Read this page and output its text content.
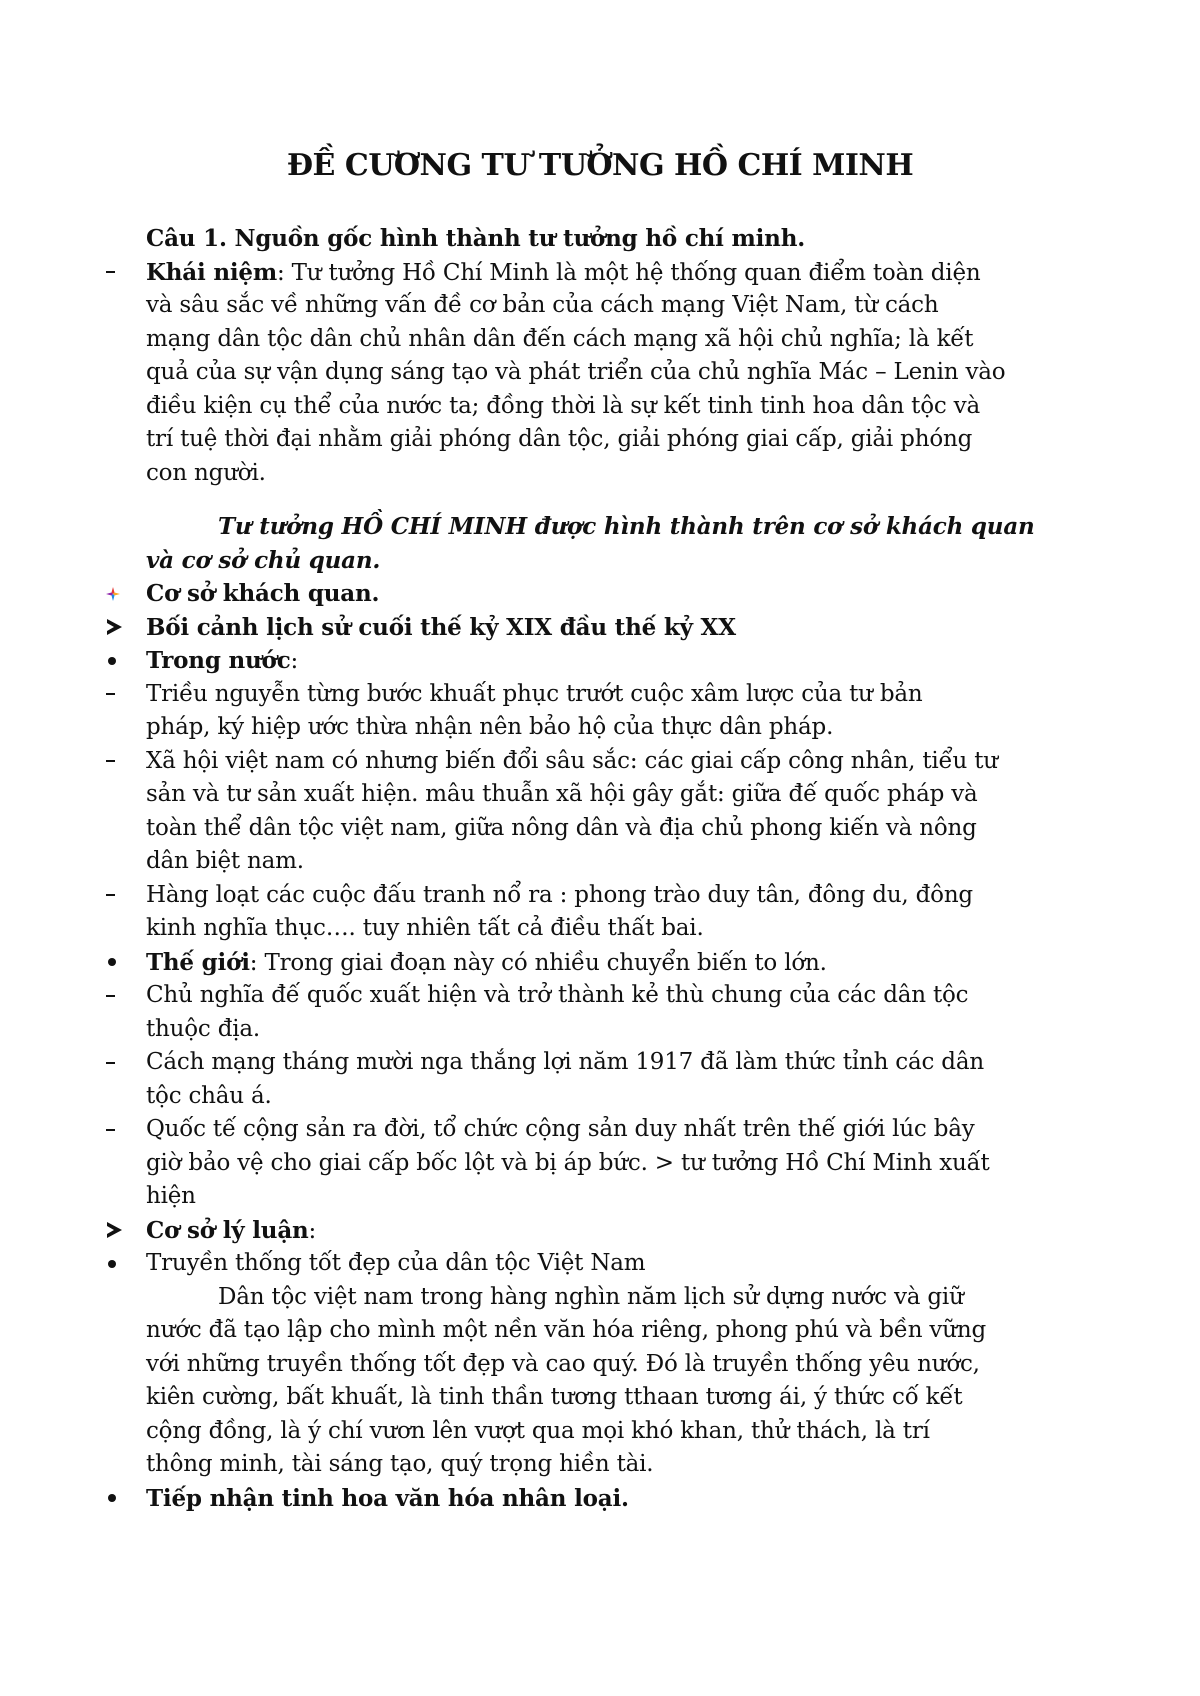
ĐỀ CƯƠNG TƯ TƯỞNG HỒ CHÍ MINH
Câu 1. Nguồn gốc hình thành tư tưởng hồ chí minh.
Khái niệm: Tư tưởng Hồ Chí Minh là một hệ thống quan điểm toàn diện
và sâu sắc về những vấn đề cơ bản của cách mạng Việt Nam, từ cách
mạng dân tộc dân chủ nhân dân đến cách mạng xã hội chủ nghĩa; là kết
quả của sự vận dụng sáng tạo và phát triển của chủ nghĩa Mác – Lenin vào
điều kiện cụ thể của nước ta; đồng thời là sự kết tinh tinh hoa dân tộc và
trí tuệ thời đại nhằm giải phóng dân tộc, giải phóng giai cấp, giải phóng
con người.
Tư tưởng HỒ CHÍ MINH được hình thành trên cơ sở khách quan
và cơ sở chủ quan.
Cơ sở khách quan.
Bối cảnh lịch sử cuối thế kỷ XIX đầu thế kỷ XX
Trong nước:
Triều nguyễn từng bước khuất phục trướt cuộc xâm lược của tư bản
pháp, ký hiệp ước thừa nhận nên bảo hộ của thực dân pháp.
Xã hội việt nam có nhưng biến đổi sâu sắc: các giai cấp công nhân, tiểu tư
sản và tư sản xuất hiện. mâu thuẫn xã hội gây gắt: giữa đế quốc pháp và
toàn thể dân tộc việt nam, giữa nông dân và địa chủ phong kiến và nông
dân biệt nam.
Hàng loạt các cuộc đấu tranh nổ ra : phong trào duy tân, đông du, đông
kinh nghĩa thục…. tuy nhiên tất cả điều thất bai.
Thế giới: Trong giai đoạn này có nhiều chuyển biến to lớn.
Chủ nghĩa đế quốc xuất hiện và trở thành kẻ thù chung của các dân tộc
thuộc địa.
Cách mạng tháng mười nga thắng lợi năm 1917 đã làm thức tỉnh các dân
tộc châu á.
Quốc tế cộng sản ra đời, tổ chức cộng sản duy nhất trên thế giới lúc bây
giờ bảo vệ cho giai cấp bốc lột và bị áp bức. > tư tưởng Hồ Chí Minh xuất
hiện
Cơ sở lý luận:
Truyền thống tốt đẹp của dân tộc Việt Nam
Dân tộc việt nam trong hàng nghìn năm lịch sử dựng nước và giữ
nước đã tạo lập cho mình một nền văn hóa riêng, phong phú và bền vững
với những truyền thống tốt đẹp và cao quý. Đó là truyền thống yêu nước,
kiên cường, bất khuất, là tinh thần tương tthaan tương ái, ý thức cố kết
cộng đồng, là ý chí vươn lên vượt qua mọi khó khan, thử thách, là trí
thông minh, tài sáng tạo, quý trọng hiền tài.
Tiếp nhận tinh hoa văn hóa nhân loại.
